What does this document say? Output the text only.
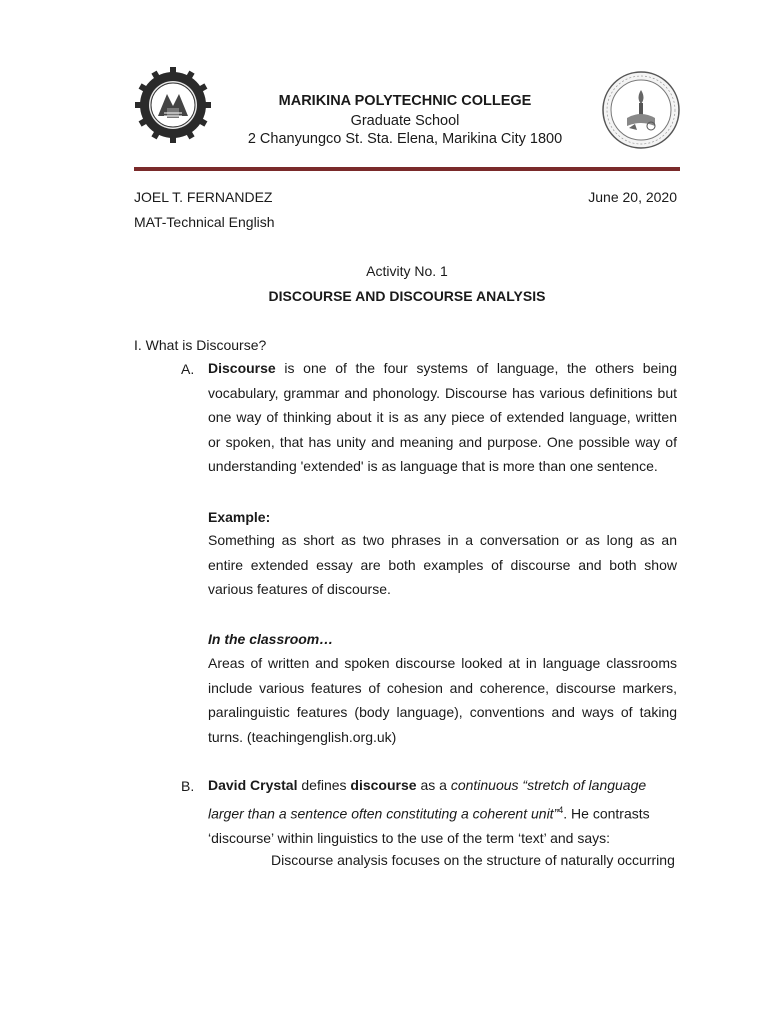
MARIKINA POLYTECHNIC COLLEGE
Graduate School
2 Chanyungco St. Sta. Elena, Marikina City 1800
JOEL T. FERNANDEZ	June 20, 2020
MAT-Technical English
Activity No. 1
DISCOURSE AND DISCOURSE ANALYSIS
I. What is Discourse?
A. Discourse is one of the four systems of language, the others being vocabulary, grammar and phonology. Discourse has various definitions but one way of thinking about it is as any piece of extended language, written or spoken, that has unity and meaning and purpose. One possible way of understanding 'extended' is as language that is more than one sentence.
Example:
Something as short as two phrases in a conversation or as long as an entire extended essay are both examples of discourse and both show various features of discourse.
In the classroom…
Areas of written and spoken discourse looked at in language classrooms include various features of cohesion and coherence, discourse markers, paralinguistic features (body language), conventions and ways of taking turns. (teachingenglish.org.uk)
B. David Crystal defines discourse as a continuous “stretch of language larger than a sentence often constituting a coherent unit”$^4$. He contrasts ‘discourse’ within linguistics to the use of the term ‘text’ and says:
Discourse analysis focuses on the structure of naturally occurring
